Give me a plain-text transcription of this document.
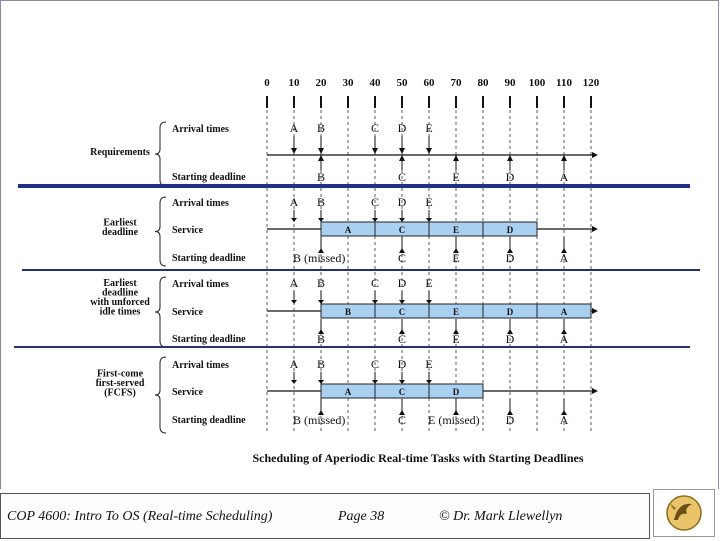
0 10 20 30 40 50 60 70 80 90 100 110 120
Requirements
Arrival times
Starting deadline
A B	C D E
B	C	E	D	A
Earliest
deadline
Arrival times
Service
Starting deadline
A B	C D E
A	C	E	D
B (missed)	C	E	D	A
Earliest
deadline
with unforced
idle times
Arrival times
Service
Starting deadline
A B	C D E
B	C	E	D	A
B	C	E	D	A
First-come
first-served
(FCFS)
Arrival times
Service
Starting deadline
A B	C D E
A	C	D
B (missed)	C E (missed) D	A
Scheduling of Aperiodic Real-time Tasks with Starting Deadlines
COP 4600: Intro To OS (Real-time Scheduling)	Page 38	© Dr. Mark Llewellyn
